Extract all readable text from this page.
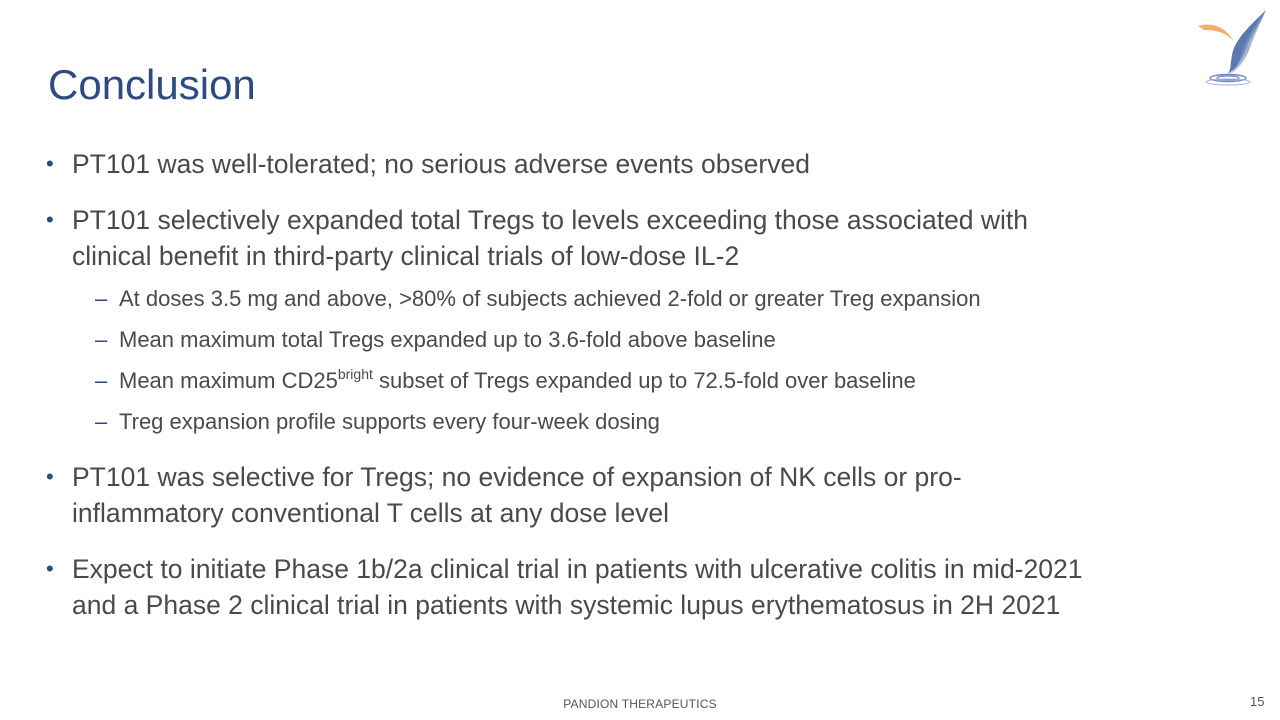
Conclusion
• PT101 was well-tolerated; no serious adverse events observed
• PT101 selectively expanded total Tregs to levels exceeding those associated with
clinical benefit in third-party clinical trials of low-dose IL-2
– At doses 3.5 mg and above, >80% of subjects achieved 2-fold or greater Treg expansion
– Mean maximum total Tregs expanded up to 3.6-fold above baseline
– Mean maximum $CD25^{bright}$ subset of Tregs expanded up to 72.5-fold over baseline
– Treg expansion profile supports every four-week dosing
• PT101 was selective for Tregs; no evidence of expansion of NK cells or pro-
inflammatory conventional T cells at any dose level
• Expect to initiate Phase 1b/2a clinical trial in patients with ulcerative colitis in mid-2021
and a Phase 2 clinical trial in patients with systemic lupus erythematosus in 2H 2021
PANDION THERAPEUTICS	15
